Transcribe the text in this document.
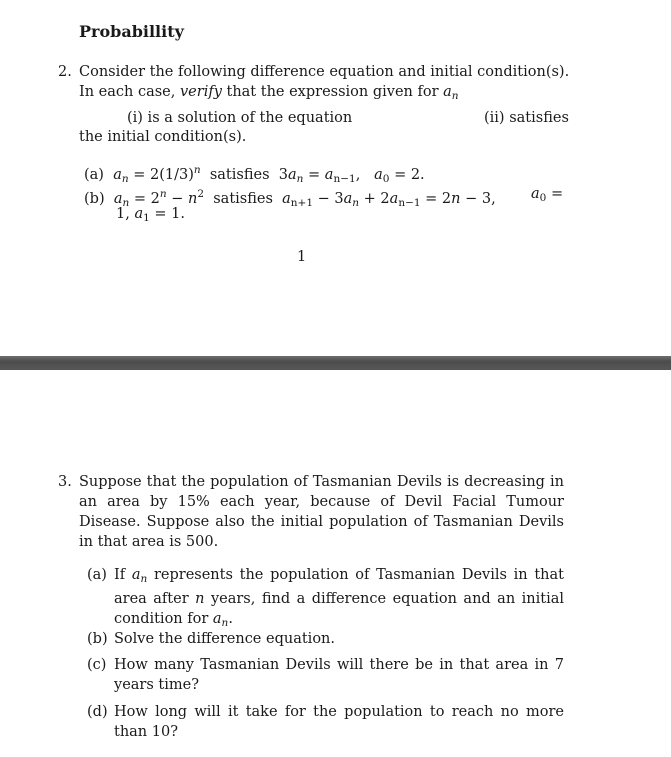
Probabillity
2. Consider the following difference equation and initial condition(s).
In each case, verify that the expression given for $a_n$
(i) is a solution of the equation	(ii) satisfies
the initial condition(s).
(a) $a_n = 2(1/3)^n$ satisfies $3a_n = a_{n-1}$,   $a_0 = 2$.
(b) $a_n = 2^n - n^2$ satisfies $a_{n+1} - 3a_n + 2a_{n-1} = 2n - 3$, $a_0$ =
1, $a_1 = 1$.
1
3. Suppose that the population of Tasmanian Devils is decreasing in an area by 15% each year, because of Devil Facial Tumour Disease. Suppose also the initial population of Tasmanian Devils in that area is 500.
(a) If $a_n$ represents the population of Tasmanian Devils in that area after n years, find a difference equation and an initial condition for $a_n$.
(b) Solve the difference equation.
(c) How many Tasmanian Devils will there be in that area in 7 years time?
(d) How long will it take for the population to reach no more than 10?
